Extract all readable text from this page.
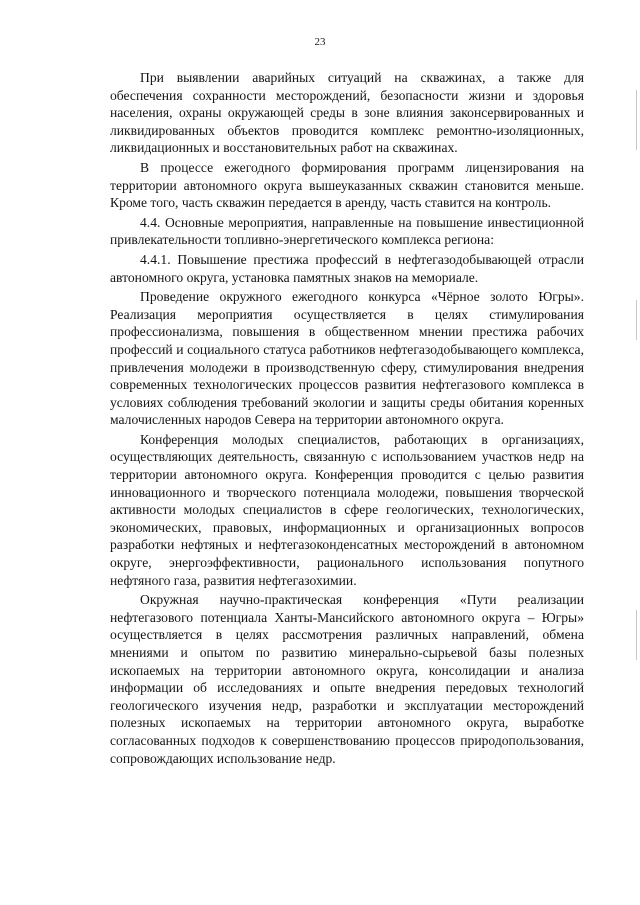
23

При выявлении аварийных ситуаций на скважинах, а также для обеспечения сохранности месторождений, безопасности жизни и здоровья населения, охраны окружающей среды в зоне влияния законсервированных и ликвидированных объектов проводится комплекс ремонтно-изоляционных, ликвидационных и восстановительных работ на скважинах.

В процессе ежегодного формирования программ лицензирования на территории автономного округа вышеуказанных скважин становится меньше. Кроме того, часть скважин передается в аренду, часть ставится на контроль.

4.4. Основные мероприятия, направленные на повышение инвестиционной привлекательности топливно-энергетического комплекса региона:

4.4.1. Повышение престижа профессий в нефтегазодобывающей отрасли автономного округа, установка памятных знаков на мемориале.

Проведение окружного ежегодного конкурса «Чёрное золото Югры». Реализация мероприятия осуществляется в целях стимулирования профессионализма, повышения в общественном мнении престижа рабочих профессий и социального статуса работников нефтегазодобывающего комплекса, привлечения молодежи в производственную сферу, стимулирования внедрения современных технологических процессов развития нефтегазового комплекса в условиях соблюдения требований экологии и защиты среды обитания коренных малочисленных народов Севера на территории автономного округа.

Конференция молодых специалистов, работающих в организациях, осуществляющих деятельность, связанную с использованием участков недр на территории автономного округа. Конференция проводится с целью развития инновационного и творческого потенциала молодежи, повышения творческой активности молодых специалистов в сфере геологических, технологических, экономических, правовых, информационных и организационных вопросов разработки нефтяных и нефтегазоконденсатных месторождений в автономном округе, энергоэффективности, рационального использования попутного нефтяного газа, развития нефтегазохимии.

Окружная научно-практическая конференция «Пути реализации нефтегазового потенциала Ханты-Мансийского автономного округа – Югры» осуществляется в целях рассмотрения различных направлений, обмена мнениями и опытом по развитию минерально-сырьевой базы полезных ископаемых на территории автономного округа, консолидации и анализа информации об исследованиях и опыте внедрения передовых технологий геологического изучения недр, разработки и эксплуатации месторождений полезных ископаемых на территории автономного округа, выработке согласованных подходов к совершенствованию процессов природопользования, сопровождающих использование недр.
